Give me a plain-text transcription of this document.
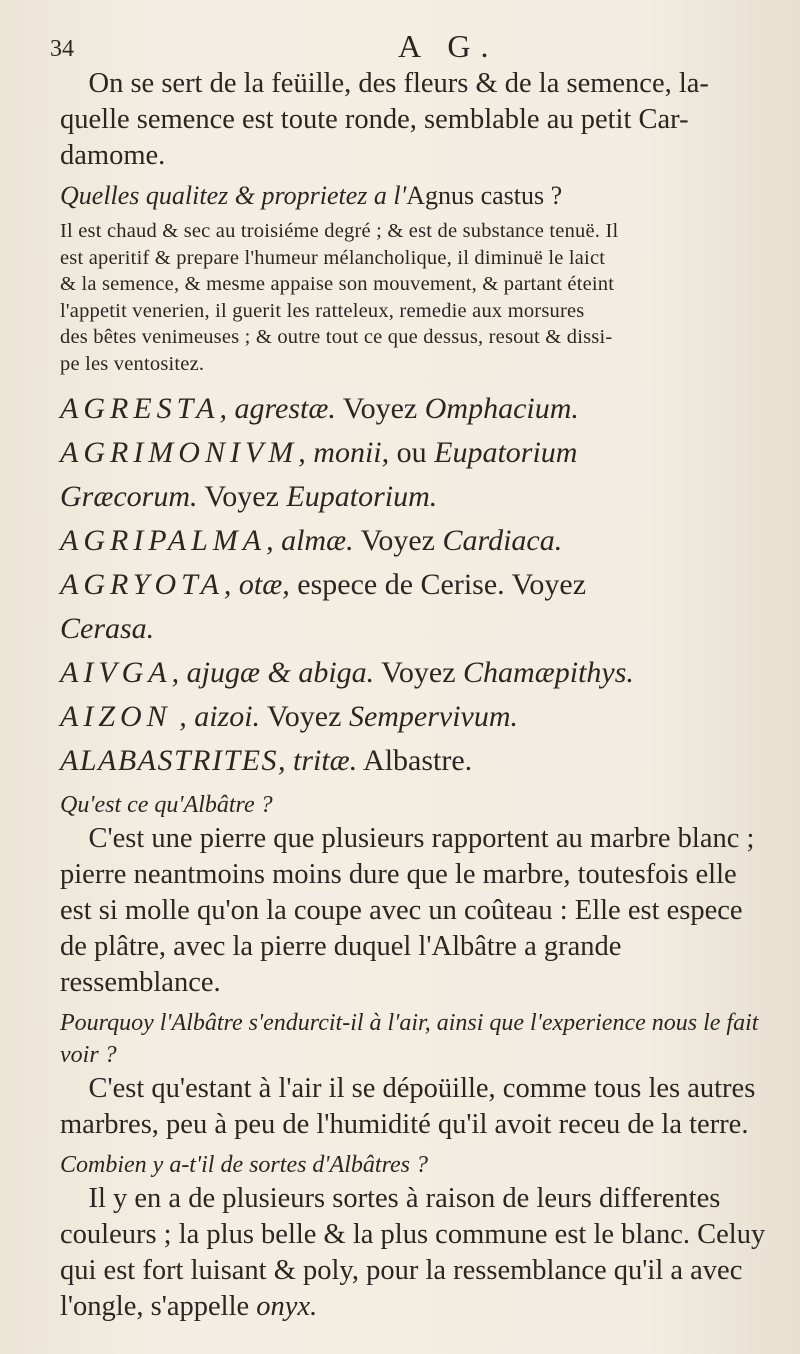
34	A G.

On se sert de la feüille, des fleurs & de la semence, la-
quelle semence est toute ronde, semblable au petit Car-
damome.

Quelles qualitez & proprietez a l'Agnus castus ?

Il est chaud & sec au troisiéme degré ; & est de substance tenuë. Il
est aperitif & prepare l'humeur mélancholique, il diminuë le laict
& la semence, & mesme appaise son mouvement, & partant éteint
l'appetit venerien, il guerit les ratteleux, remedie aux morsures
des bêtes venimeuses ; & outre tout ce que dessus, resout & dissi-
pe les ventositez.

AGRESTA, agrestæ. Voyez Omphacium.

AGRIMONIVM, monii, ou Eupatorium

Græcorum. Voyez Eupatorium.

AGRIPALMA, almæ. Voyez Cardiaca.

AGRYOTA, otæ, espece de Cerise. Voyez

Cerasa.

AIVGA, ajugæ & abiga. Voyez Chamæpithys.

AIZON , aizoi. Voyez Sempervivum.

ALABASTRITES, tritæ. Albastre.

Qu'est ce qu'Albâtre ?

C'est une pierre que plusieurs rapportent au marbre blanc ; pierre neantmoins moins dure que le marbre, toutesfois elle est si molle qu'on la coupe avec un coûteau : Elle est espece de plâtre, avec la pierre duquel l'Albâtre a grande ressemblance.

Pourquoy l'Albâtre s'endurcit-il à l'air, ainsi que l'experience nous le fait voir ?

C'est qu'estant à l'air il se dépoüille, comme tous les autres marbres, peu à peu de l'humidité qu'il avoit receu de la terre.

Combien y a-t'il de sortes d'Albâtres ?

Il y en a de plusieurs sortes à raison de leurs differentes couleurs ; la plus belle & la plus commune est le blanc. Celuy qui est fort luisant & poly, pour la ressemblance qu'il a avec l'ongle, s'appelle onyx.
